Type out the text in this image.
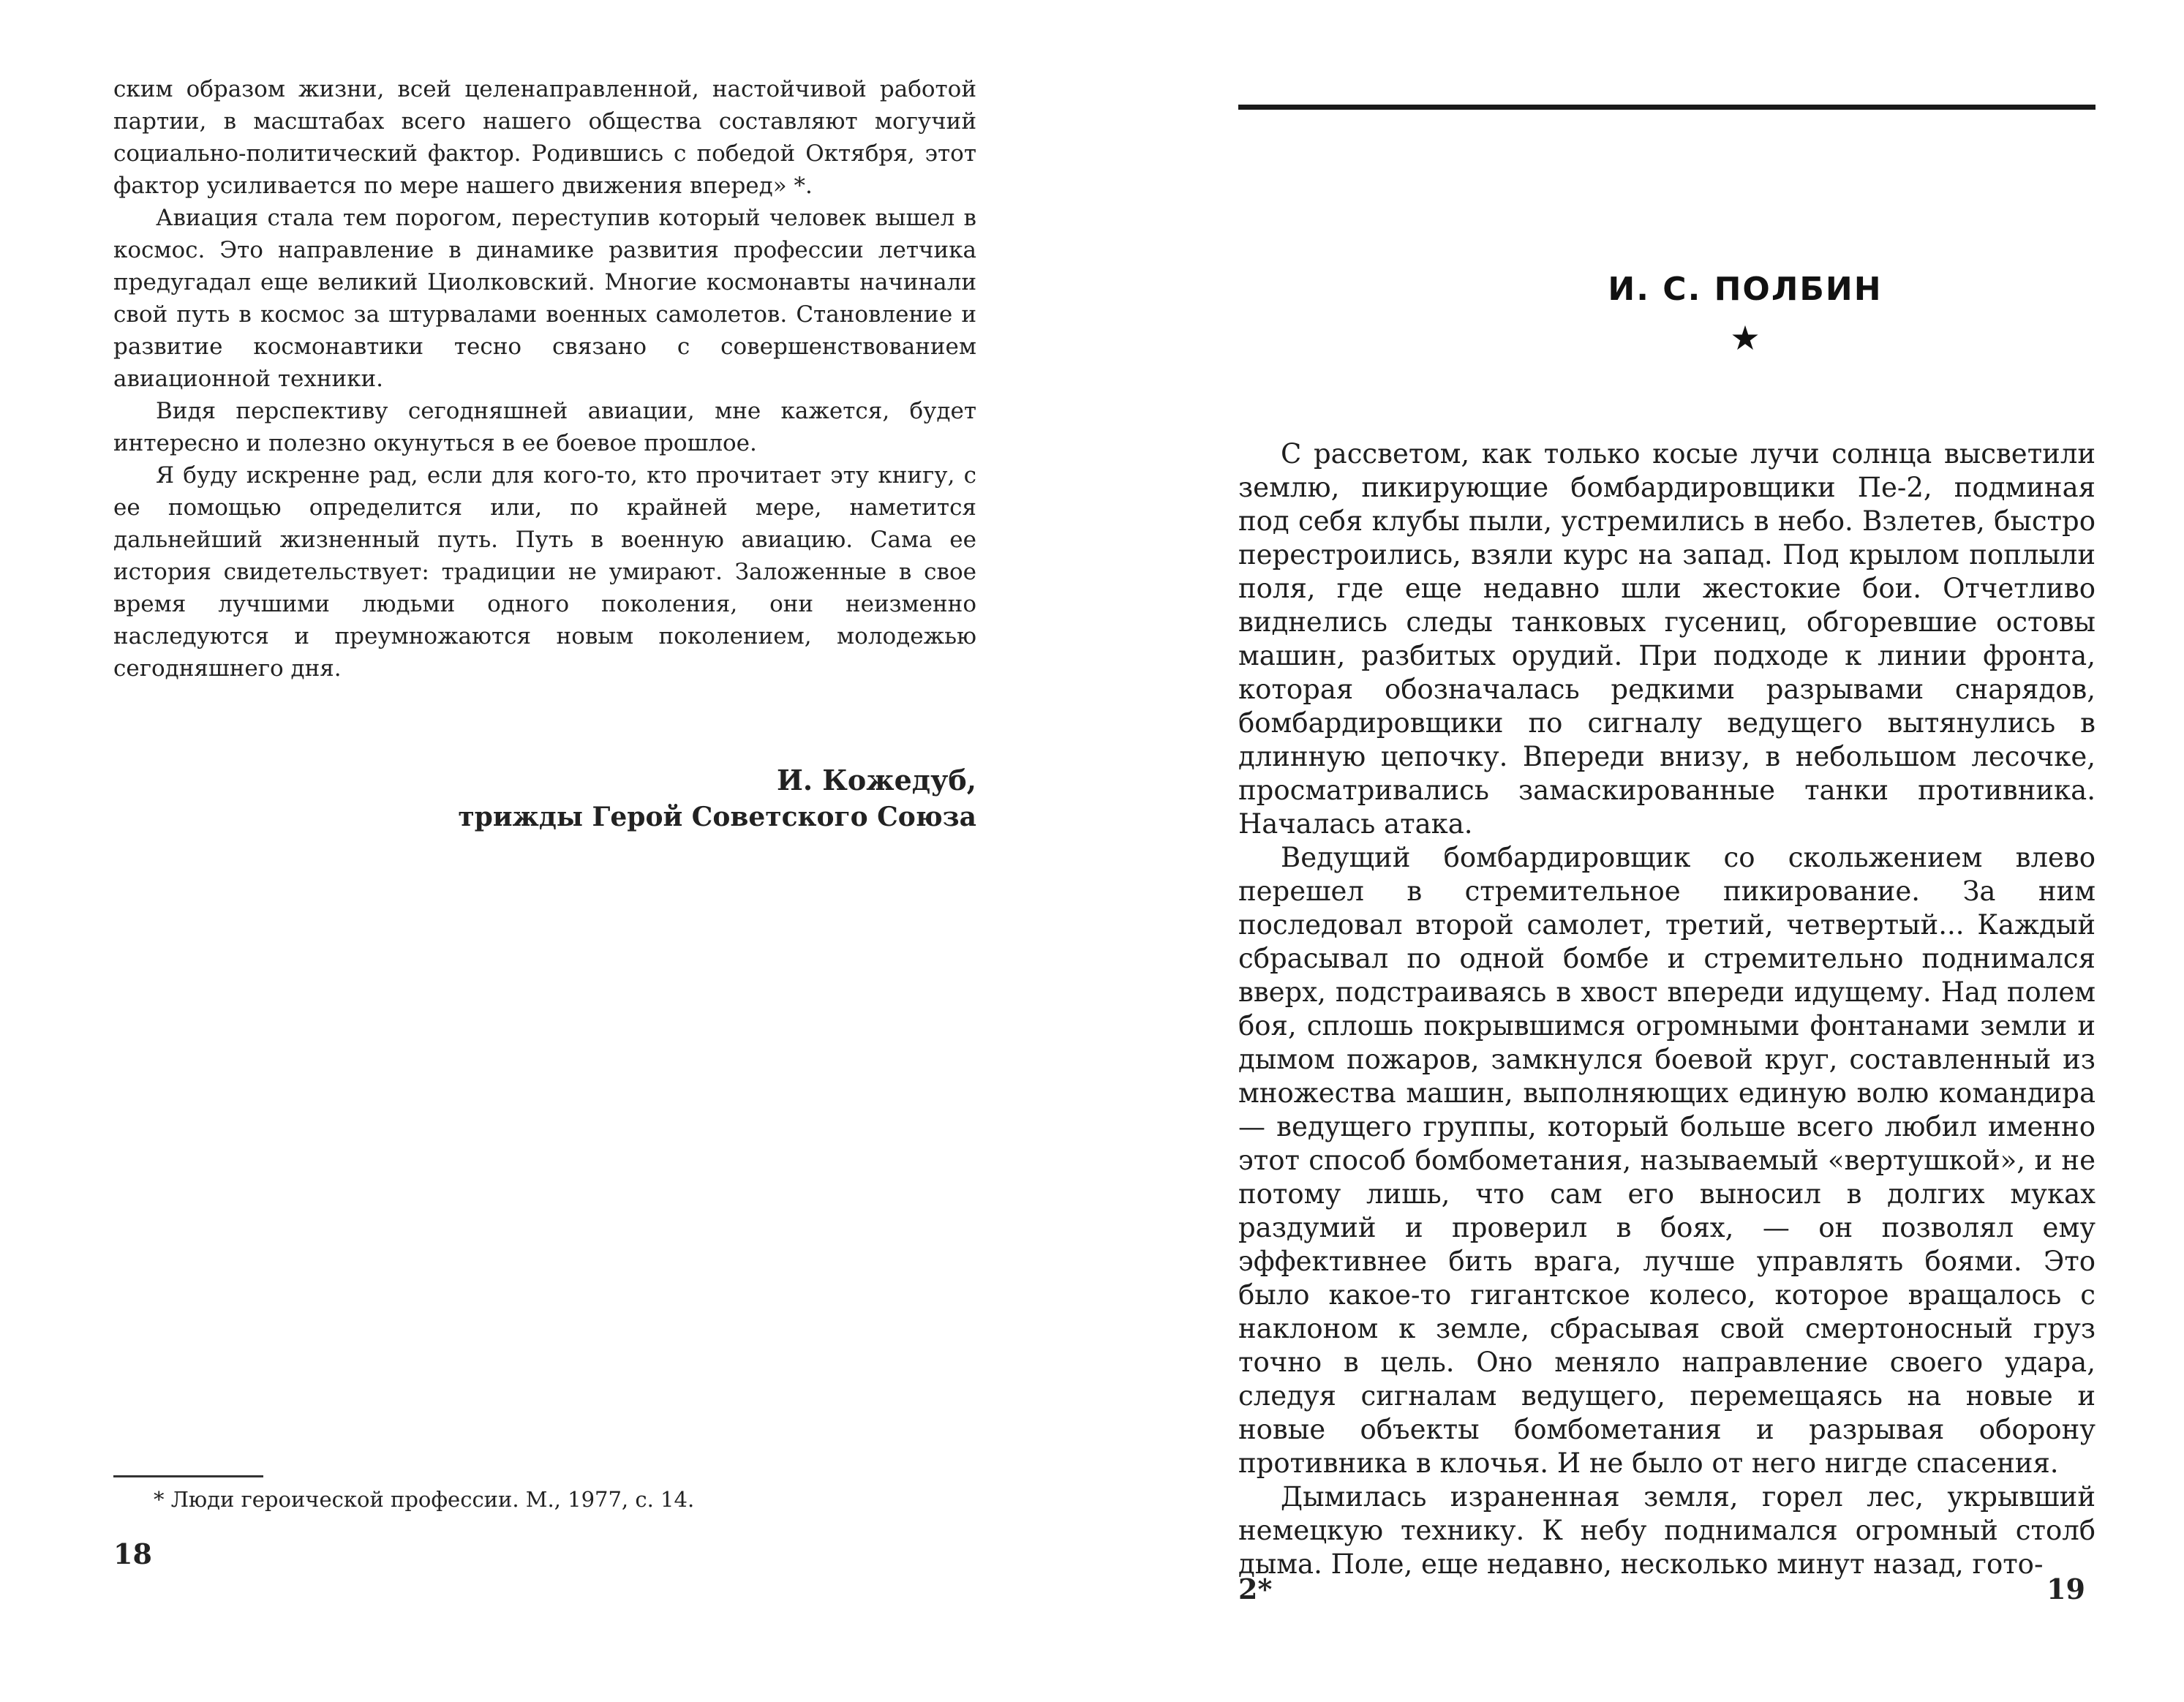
ским образом жизни, всей целенаправленной, настойчивой работой партии, в масштабах всего нашего общества составляют могучий социально-политический фактор. Родившись с победой Октября, этот фактор усиливается по мере нашего движения вперед» *.

Авиация стала тем порогом, переступив который человек вышел в космос. Это направление в динамике развития профессии летчика предугадал еще великий Циолковский. Многие космонавты начинали свой путь в космос за штурвалами военных самолетов. Становление и развитие космонавтики тесно связано с совершенствованием авиационной техники.

Видя перспективу сегодняшней авиации, мне кажется, будет интересно и полезно окунуться в ее боевое прошлое.

Я буду искренне рад, если для кого-то, кто прочитает эту книгу, с ее помощью определится или, по крайней мере, наметится дальнейший жизненный путь. Путь в военную авиацию. Сама ее история свидетельствует: традиции не умирают. Заложенные в свое время лучшими людьми одного поколения, они неизменно наследуются и преумножаются новым поколением, молодежью сегодняшнего дня.

И. Кожедуб,
трижды Герой Советского Союза
* Люди героической профессии. М., 1977, с. 14.
18
И. С. ПОЛБИН
★

С рассветом, как только косые лучи солнца высветили землю, пикирующие бомбардировщики Пе-2, подминая под себя клубы пыли, устремились в небо. Взлетев, быстро перестроились, взяли курс на запад. Под крылом поплыли поля, где еще недавно шли жестокие бои. Отчетливо виднелись следы танковых гусениц, обгоревшие остовы машин, разбитых орудий. При подходе к линии фронта, которая обозначалась редкими разрывами снарядов, бомбардировщики по сигналу ведущего вытянулись в длинную цепочку. Впереди внизу, в небольшом лесочке, просматривались замаскированные танки противника. Началась атака.

Ведущий бомбардировщик со скольжением влево перешел в стремительное пикирование. За ним последовал второй самолет, третий, четвертый... Каждый сбрасывал по одной бомбе и стремительно поднимался вверх, подстраиваясь в хвост впереди идущему. Над полем боя, сплошь покрывшимся огромными фонтанами земли и дымом пожаров, замкнулся боевой круг, составленный из множества машин, выполняющих единую волю командира — ведущего группы, который больше всего любил именно этот способ бомбометания, называемый «вертушкой», и не потому лишь, что сам его выносил в долгих муках раздумий и проверил в боях, — он позволял ему эффективнее бить врага, лучше управлять боями. Это было какое-то гигантское колесо, которое вращалось с наклоном к земле, сбрасывая свой смертоносный груз точно в цель. Оно меняло направление своего удара, следуя сигналам ведущего, перемещаясь на новые и новые объекты бомбометания и разрывая оборону противника в клочья. И не было от него нигде спасения.

Дымилась израненная земля, горел лес, укрывший немецкую технику. К небу поднимался огромный столб дыма. Поле, еще недавно, несколько минут назад, гото-

2*	19
